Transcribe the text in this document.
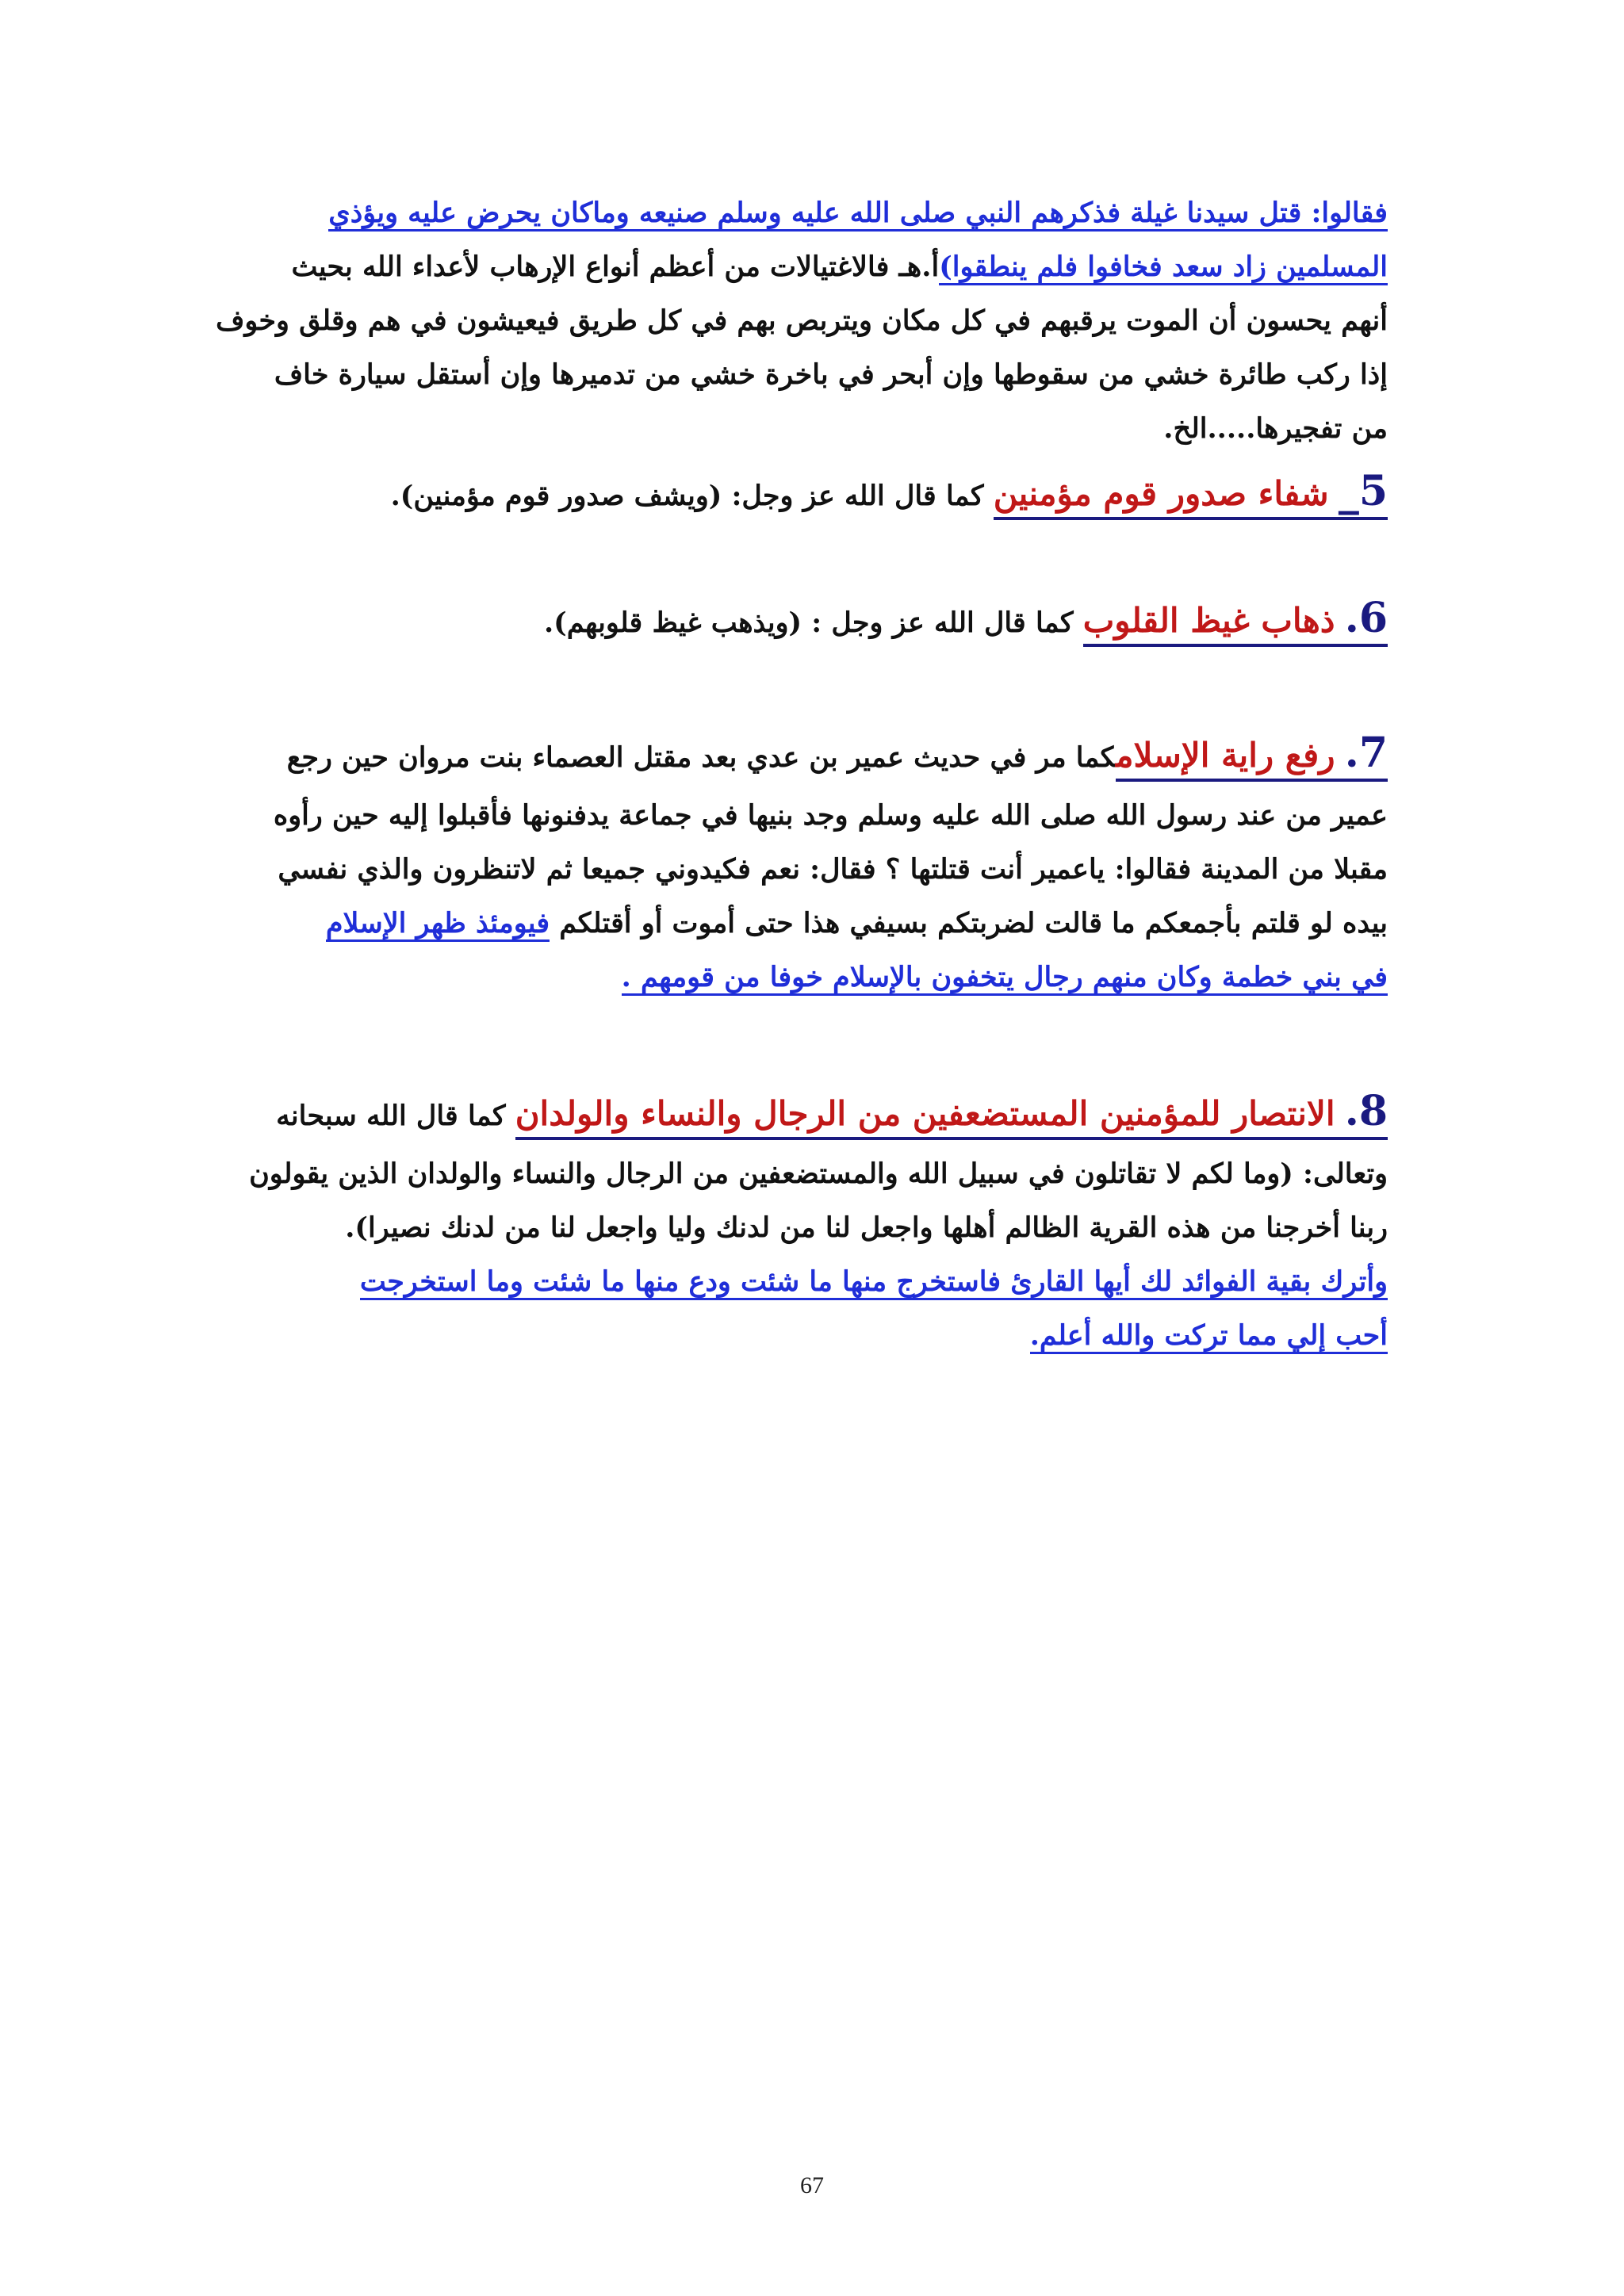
فقالوا: قتل سيدنا غيلة فذكرهم النبي صلى الله عليه وسلم صنيعه وماكان يحرض عليه ويؤذي
المسلمين زاد سعد فخافوا فلم ينطقوا)أ.هـ فالاغتيالات من أعظم أنواع الإرهاب لأعداء الله بحيث
أنهم يحسون أن الموت يرقبهم في كل مكان ويتربص بهم في كل طريق فيعيشون في هم وقلق وخوف
إذا ركب طائرة خشي من سقوطها وإن أبحر في باخرة خشي من تدميرها وإن أستقل سيارة خاف
من تفجيرها.....الخ.
5_ شفاء صدور قوم مؤمنين كما قال الله عز وجل: (ويشف صدور قوم مؤمنين).
6. ذهاب غيظ القلوب كما قال الله عز وجل : (ويذهب غيظ قلوبهم).
7. رفع راية الإسلامكما مر في حديث عمير بن عدي بعد مقتل العصماء بنت مروان حين رجع
عمير من عند رسول الله صلى الله عليه وسلم وجد بنيها في جماعة يدفنونها فأقبلوا إليه حين رأوه
مقبلا من المدينة فقالوا: ياعمير أنت قتلتها ؟ فقال: نعم فكيدوني جميعا ثم لاتنظرون والذي نفسي
بيده لو قلتم بأجمعكم ما قالت لضربتكم بسيفي هذا حتى أموت أو أقتلكم فيومئذ ظهر الإسلام
في بني خطمة وكان منهم رجال يتخفون بالإسلام خوفا من قومهم .
8. الانتصار للمؤمنين المستضعفين من الرجال والنساء والولدان كما قال الله سبحانه
وتعالى: (وما لكم لا تقاتلون في سبيل الله والمستضعفين من الرجال والنساء والولدان الذين يقولون
ربنا أخرجنا من هذه القرية الظالم أهلها واجعل لنا من لدنك وليا واجعل لنا من لدنك نصيرا).
وأترك بقية الفوائد لك أيها القارئ فاستخرج منها ما شئت ودع منها ما شئت وما استخرجت
أحب إلي مما تركت والله أعلم.
67
